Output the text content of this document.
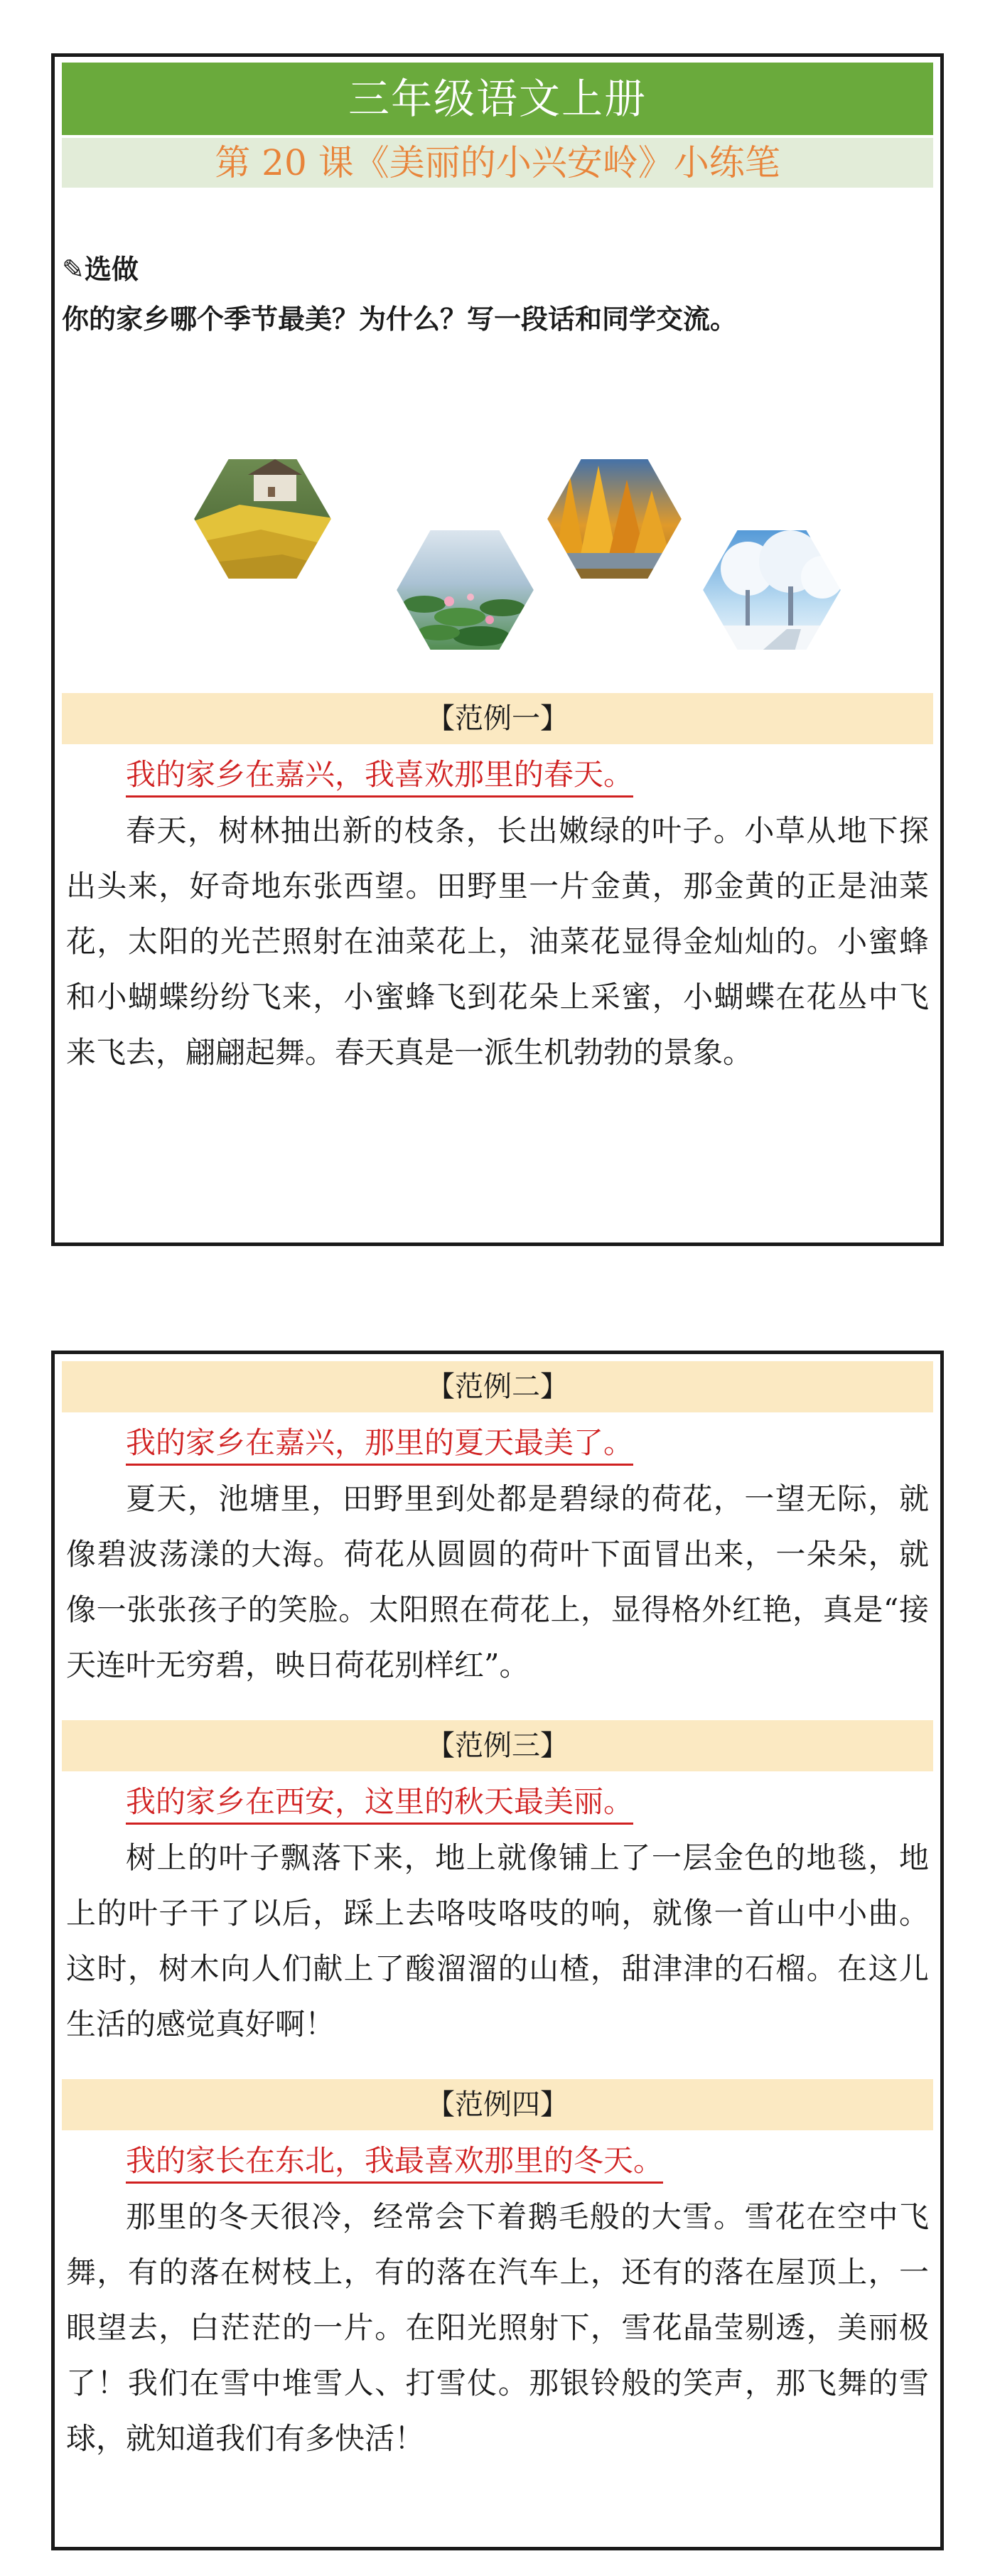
三年级语文上册
第 20 课《美丽的小兴安岭》小练笔
✎选做
你的家乡哪个季节最美？为什么？写一段话和同学交流。
【范例一】
我的家乡在嘉兴，我喜欢那里的春天。

春天，树林抽出新的枝条，长出嫩绿的叶子。小草从地下探出头来，好奇地东张西望。田野里一片金黄，那金黄的正是油菜花，太阳的光芒照射在油菜花上，油菜花显得金灿灿的。小蜜蜂和小蝴蝶纷纷飞来，小蜜蜂飞到花朵上采蜜，小蝴蝶在花丛中飞来飞去，翩翩起舞。春天真是一派生机勃勃的景象。

【范例二】
我的家乡在嘉兴，那里的夏天最美了。

夏天，池塘里，田野里到处都是碧绿的荷花，一望无际，就像碧波荡漾的大海。荷花从圆圆的荷叶下面冒出来，一朵朵，就像一张张孩子的笑脸。太阳照在荷花上，显得格外红艳，真是“接天连叶无穷碧，映日荷花别样红”。

【范例三】
我的家乡在西安，这里的秋天最美丽。

树上的叶子飘落下来，地上就像铺上了一层金色的地毯，地上的叶子干了以后，踩上去咯吱咯吱的响，就像一首山中小曲。这时，树木向人们献上了酸溜溜的山楂，甜津津的石榴。在这儿生活的感觉真好啊！

【范例四】
我的家长在东北，我最喜欢那里的冬天。

那里的冬天很冷，经常会下着鹅毛般的大雪。雪花在空中飞舞，有的落在树枝上，有的落在汽车上，还有的落在屋顶上，一眼望去，白茫茫的一片。在阳光照射下，雪花晶莹剔透，美丽极了！我们在雪中堆雪人、打雪仗。那银铃般的笑声，那飞舞的雪球，就知道我们有多快活！
